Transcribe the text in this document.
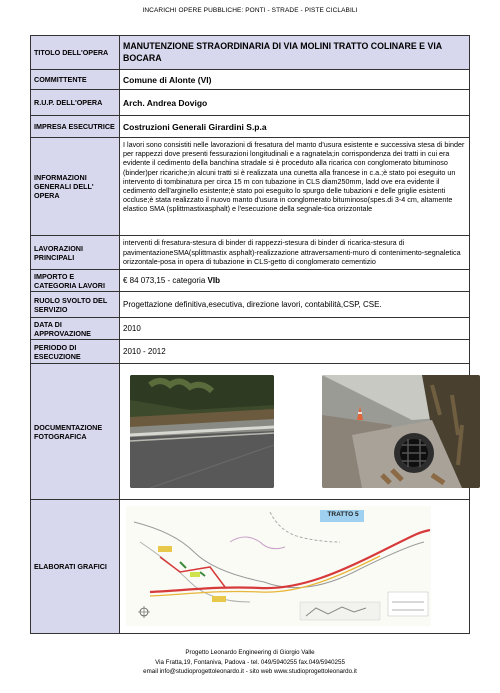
INCARICHI OPERE PUBBLICHE: PONTI - STRADE - PISTE CICLABILI
TITOLO DELL'OPERA	MANUTENZIONE STRAORDINARIA DI VIA MOLINI TRATTO COLINARE E VIA BOCARA
COMMITTENTE	Comune di Alonte (VI)
R.U.P. DELL'OPERA	Arch. Andrea Dovigo
IMPRESA ESECUTRICE	Costruzioni Generali Girardini S.p.a
INFORMAZIONI GENERALI DELL' OPERA	I lavori sono consistiti nelle lavorazioni di fresatura del manto d'usura esistente e successiva stesa di binder per rappezzi dove presenti fessurazioni longitudinali e a ragnatela;in corrispondenza dei tratti in cui era evidente il cedimento della banchina stradale si è proceduto alla ricarica con conglomerato bituminoso (binder)per ricariche;in alcuni tratti si è realizzata una cunetta alla francese in c.a.;è stato poi eseguito un intervento di tombinatura per circa 15 m con tubazione in CLS diam250mm, ladd ove era evidente il cedimento dell'arginello esistente;è stato poi eseguito lo spurgo delle tubazioni e delle griglie esistenti occluse;è stata realizzato il nuovo manto d'usura in conglomerato bituminoso(spes.di 3-4 cm, altamente elastico SMA (splittmastixasphalt) e l'esecuzione della segnale-tica orizzontale

LAVORAZIONI PRINCIPALI	interventi di fresatura-stesura di binder di rappezzi-stesura di binder di ricarica-stesura di pavimentazioneSMA(splittmastix asphalt)-realizzazione attraversamenti-muro di contenimento-segnaletica orizzontale-posa in opera di tubazione in CLS-getto di conglomerato cementizio

IMPORTO E CATEGORIA LAVORI	€ 84 073,15 - categoria VIb
RUOLO SVOLTO DEL SERVIZIO	Progettazione definitiva,esecutiva, direzione lavori, contabilità,CSP, CSE.
DATA DI APPROVAZIONE	2010
PERIODO DI ESECUZIONE	2010 - 2012
DOCUMENTAZIONE FOTOGRAFICA	

ELABORATI GRAFICI	TRATTO 5
Progetto Leonardo Engineering di Giorgio Valle
Via Fratta,19, Fontaniva, Padova - tel. 049/5940255 fax.049/5940255
email info@studioprogettoleonardo.it - sito web www.studioprogettoleonardo.it
